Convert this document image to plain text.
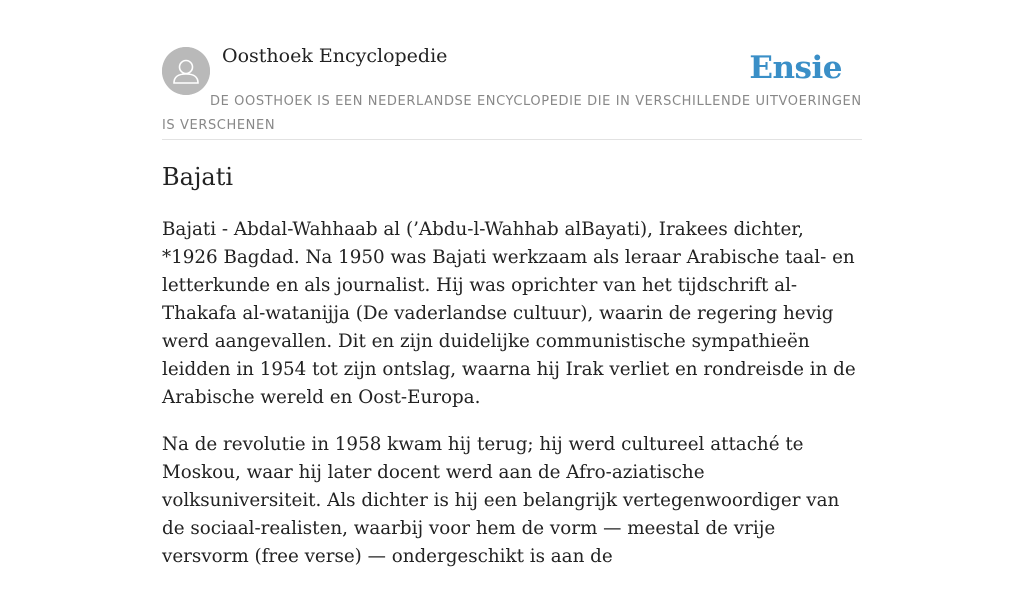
Oosthoek Encyclopedie	Ensie
DE OOSTHOEK IS EEN NEDERLANDSE ENCYCLOPEDIE DIE IN VERSCHILLENDE UITVOERINGEN IS VERSCHENEN
Bajati

Bajati - Abdal-Wahhaab al (’Abdu-l-Wahhab alBayati), Irakees dichter, *1926 Bagdad. Na 1950 was Bajati werkzaam als leraar Arabische taal- en letterkunde en als journalist. Hij was oprichter van het tijdschrift al-Thakafa al-watanijja (De vaderlandse cultuur), waarin de regering hevig werd aangevallen. Dit en zijn duidelijke communistische sympathieën leidden in 1954 tot zijn ontslag, waarna hij Irak verliet en rondreisde in de Arabische wereld en Oost-Europa.

Na de revolutie in 1958 kwam hij terug; hij werd cultureel attaché te Moskou, waar hij later docent werd aan de Afro-aziatische volksuniversiteit. Als dichter is hij een belangrijk vertegenwoordiger van de sociaal-realisten, waarbij voor hem de vorm — meestal de vrije versvorm (free verse) — ondergeschikt is aan de
